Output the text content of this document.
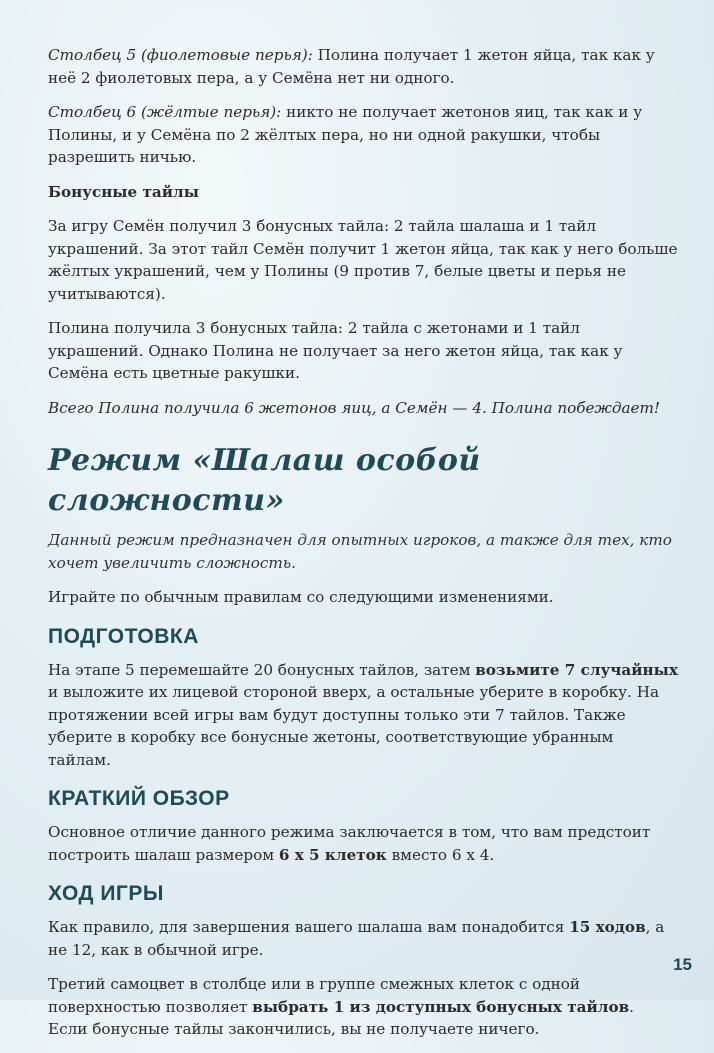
Столбец 5 (фиолетовые перья): Полина получает 1 жетон яйца, так как у неё 2 фиолетовых пера, а у Семёна нет ни одного.

Столбец 6 (жёлтые перья): никто не получает жетонов яиц, так как и у Полины, и у Семёна по 2 жёлтых пера, но ни одной ракушки, чтобы разрешить ничью.

Бонусные тайлы

За игру Семён получил 3 бонусных тайла: 2 тайла шалаша и 1 тайл украшений. За этот тайл Семён получит 1 жетон яйца, так как у него больше жёлтых украшений, чем у Полины (9 против 7, белые цветы и перья не учитываются).

Полина получила 3 бонусных тайла: 2 тайла с жетонами и 1 тайл украшений. Однако Полина не получает за него жетон яйца, так как у Семёна есть цветные ракушки.

Всего Полина получила 6 жетонов яиц, а Семён — 4. Полина побеждает!

Режим «Шалаш особой сложности»

Данный режим предназначен для опытных игроков, а также для тех, кто хочет увеличить сложность.

Играйте по обычным правилам со следующими изменениями.

ПОДГОТОВКА

На этапе 5 перемешайте 20 бонусных тайлов, затем возьмите 7 случайных и выложите их лицевой стороной вверх, а остальные уберите в коробку. На протяжении всей игры вам будут доступны только эти 7 тайлов. Также уберите в коробку все бонусные жетоны, соответствующие убранным тайлам.

КРАТКИЙ ОБЗОР

Основное отличие данного режима заключается в том, что вам предстоит построить шалаш размером 6 х 5 клеток вместо 6 х 4.

ХОД ИГРЫ

Как правило, для завершения вашего шалаша вам понадобится 15 ходов, а не 12, как в обычной игре.

Третий самоцвет в столбце или в группе смежных клеток с одной поверхностью позволяет выбрать 1 из доступных бонусных тайлов. Если бонусные тайлы закончились, вы не получаете ничего.

15
